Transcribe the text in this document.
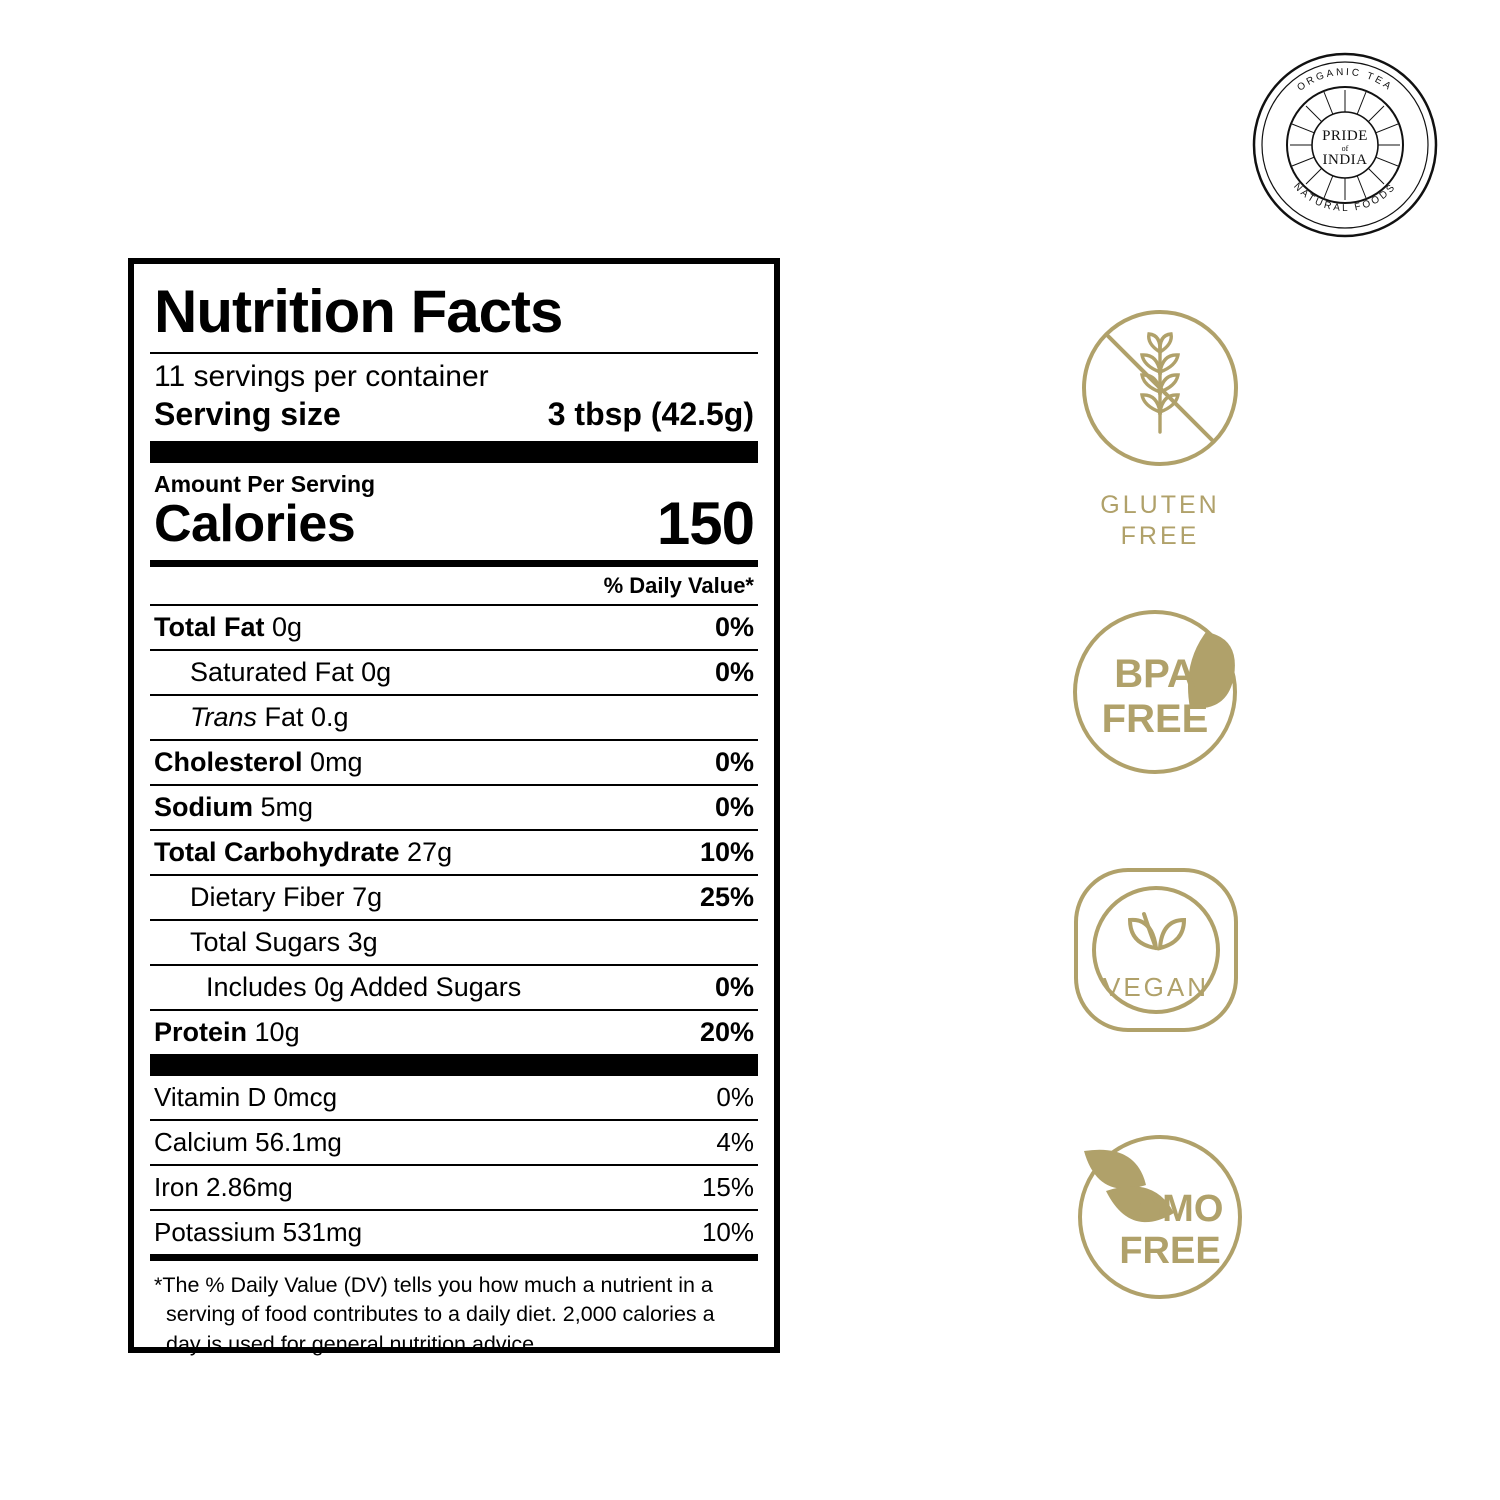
PRIDE
of
INDIA
ORGANIC TEA
NATURAL FOODS
Nutrition Facts
11 servings per container
Serving size	3 tbsp (42.5g)
Amount Per Serving
Calories	150
% Daily Value*
Total Fat 0g	0%
Saturated Fat 0g	0%
Trans Fat 0.g
Cholesterol 0mg	0%
Sodium 5mg	0%
Total Carbohydrate 27g	10%
Dietary Fiber 7g	25%
Total Sugars 3g
Includes 0g Added Sugars	0%
Protein 10g	20%
Vitamin D 0mcg	0%
Calcium 56.1mg	4%
Iron 2.86mg	15%
Potassium 531mg	10%
*The % Daily Value (DV) tells you how much a nutrient in a serving of food contributes to a daily diet. 2,000 calories a day is used for general nutrition advice.
GLUTEN
FREE
BPA
FREE
VEGAN
GMO
FREE
